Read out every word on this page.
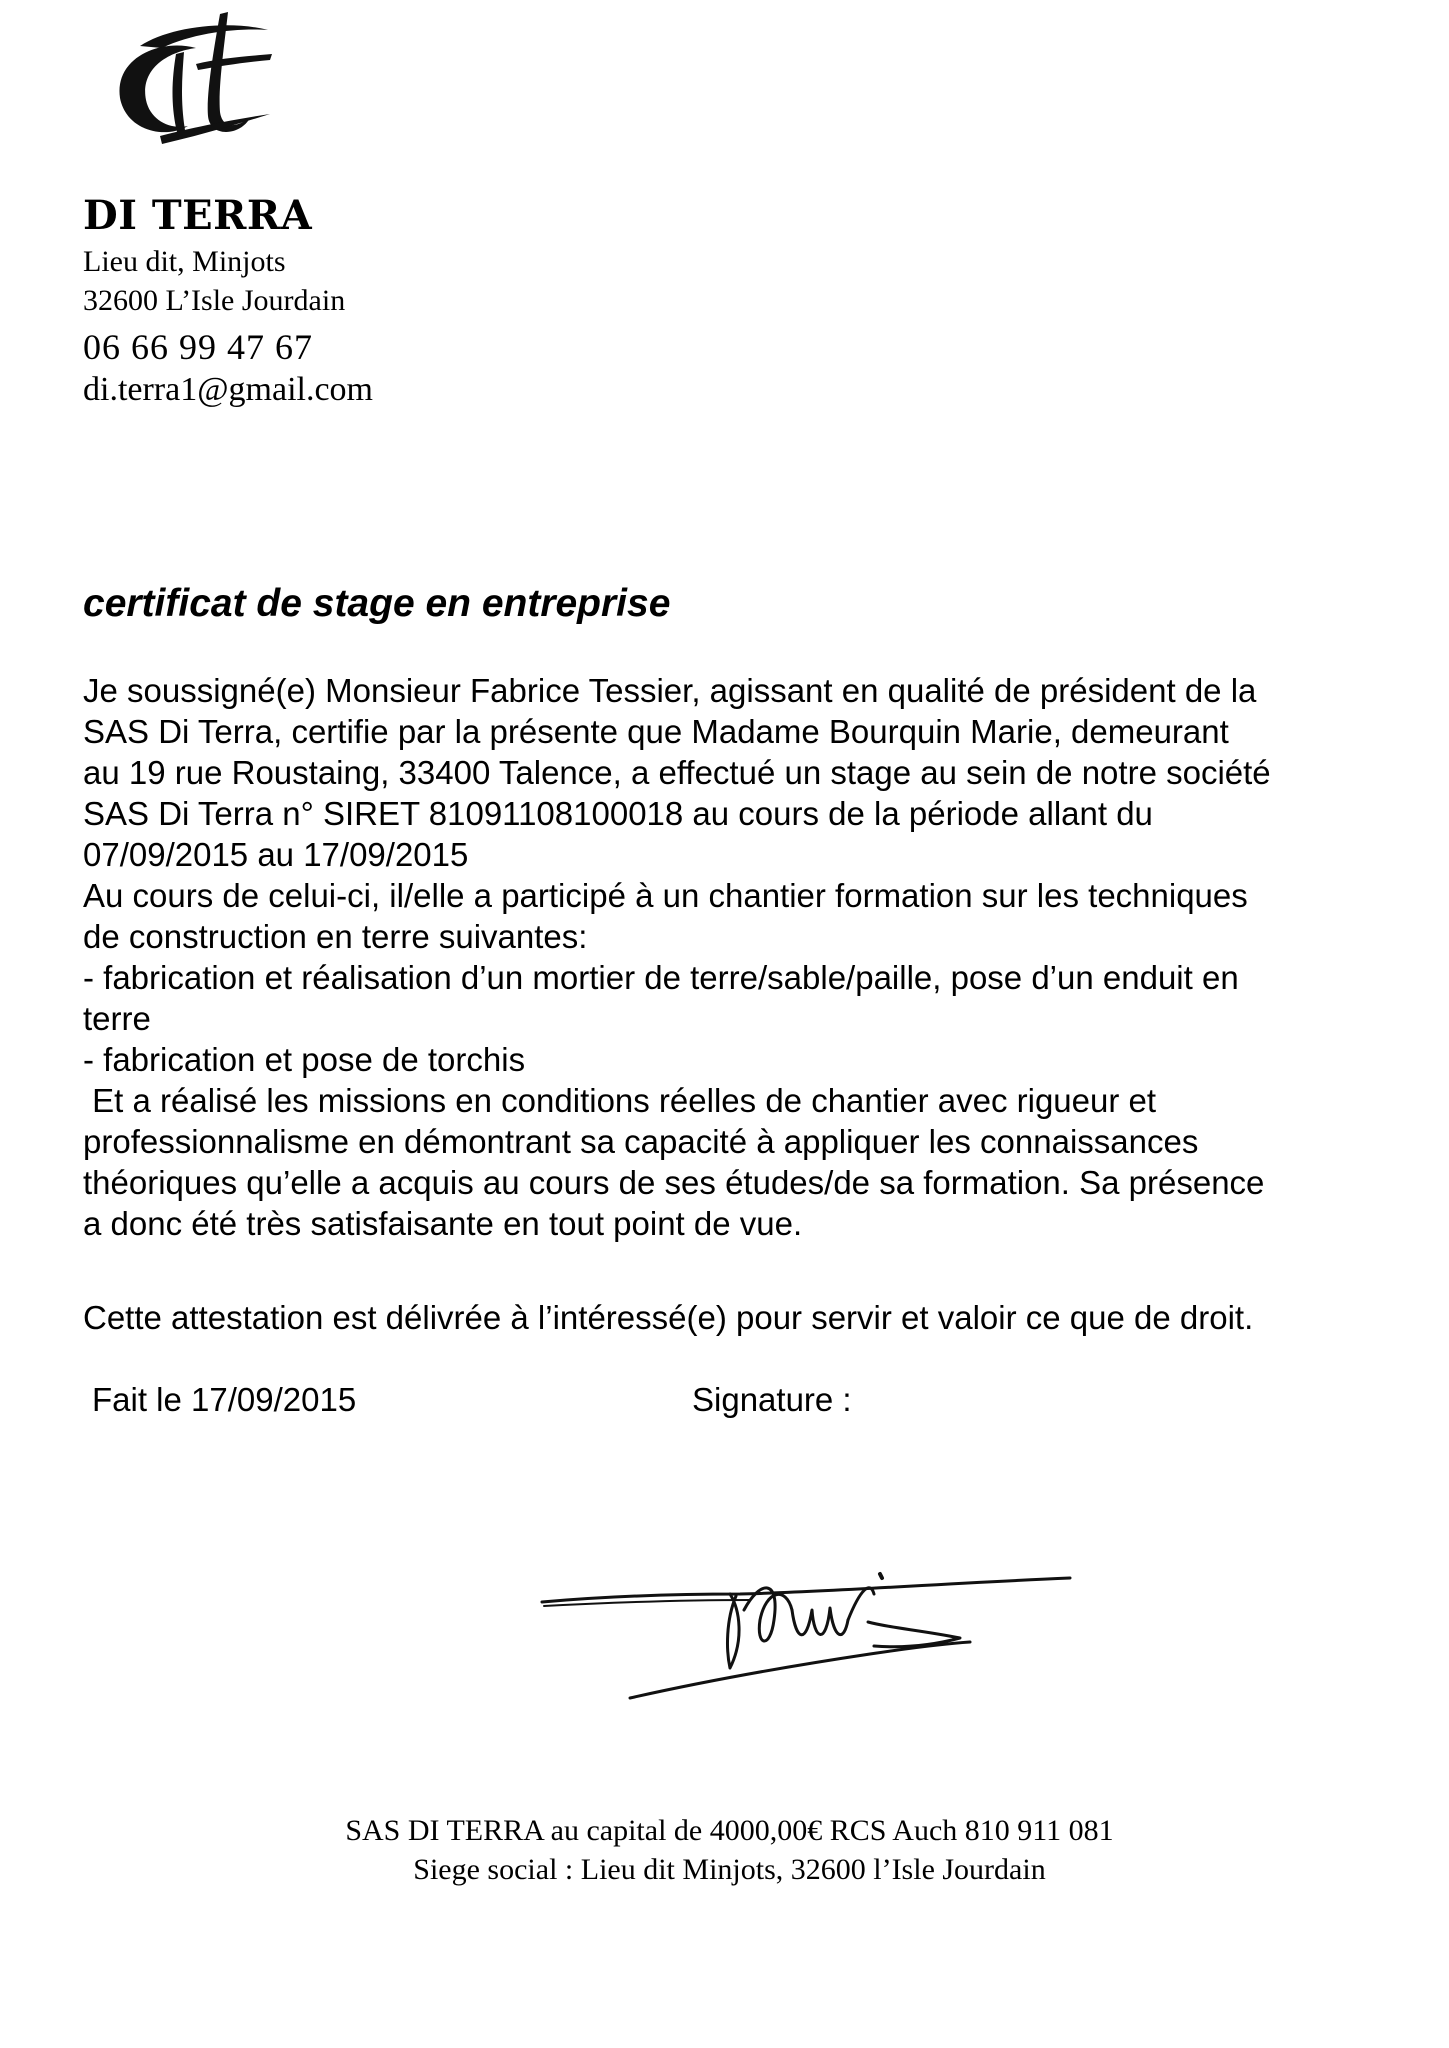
DI TERRA

Lieu dit, Minjots

32600 L’Isle Jourdain

06 66 99 47 67

di.terra1@gmail.com

certificat de stage en entreprise
Je soussigné(e) Monsieur Fabrice Tessier, agissant en qualité de président de la
SAS Di Terra, certifie par la présente que Madame Bourquin Marie, demeurant
au 19 rue Roustaing, 33400 Talence, a effectué un stage au sein de notre société
SAS Di Terra n° SIRET 81091108100018 au cours de la période allant du
07/09/2015 au 17/09/2015
Au cours de celui-ci, il/elle a participé à un chantier formation sur les techniques
de construction en terre suivantes:
- fabrication et réalisation d’un mortier de terre/sable/paille, pose d’un enduit en
terre
- fabrication et pose de torchis
Et a réalisé les missions en conditions réelles de chantier avec rigueur et
professionnalisme en démontrant sa capacité à appliquer les connaissances
théoriques qu’elle a acquis au cours de ses études/de sa formation. Sa présence
a donc été très satisfaisante en tout point de vue.

Cette attestation est délivrée à l’intéressé(e) pour servir et valoir ce que de droit.

Fait le 17/09/2015	Signature :

SAS DI TERRA au capital de 4000,00€ RCS Auch 810 911 081

Siege social : Lieu dit Minjots, 32600 l’Isle Jourdain
